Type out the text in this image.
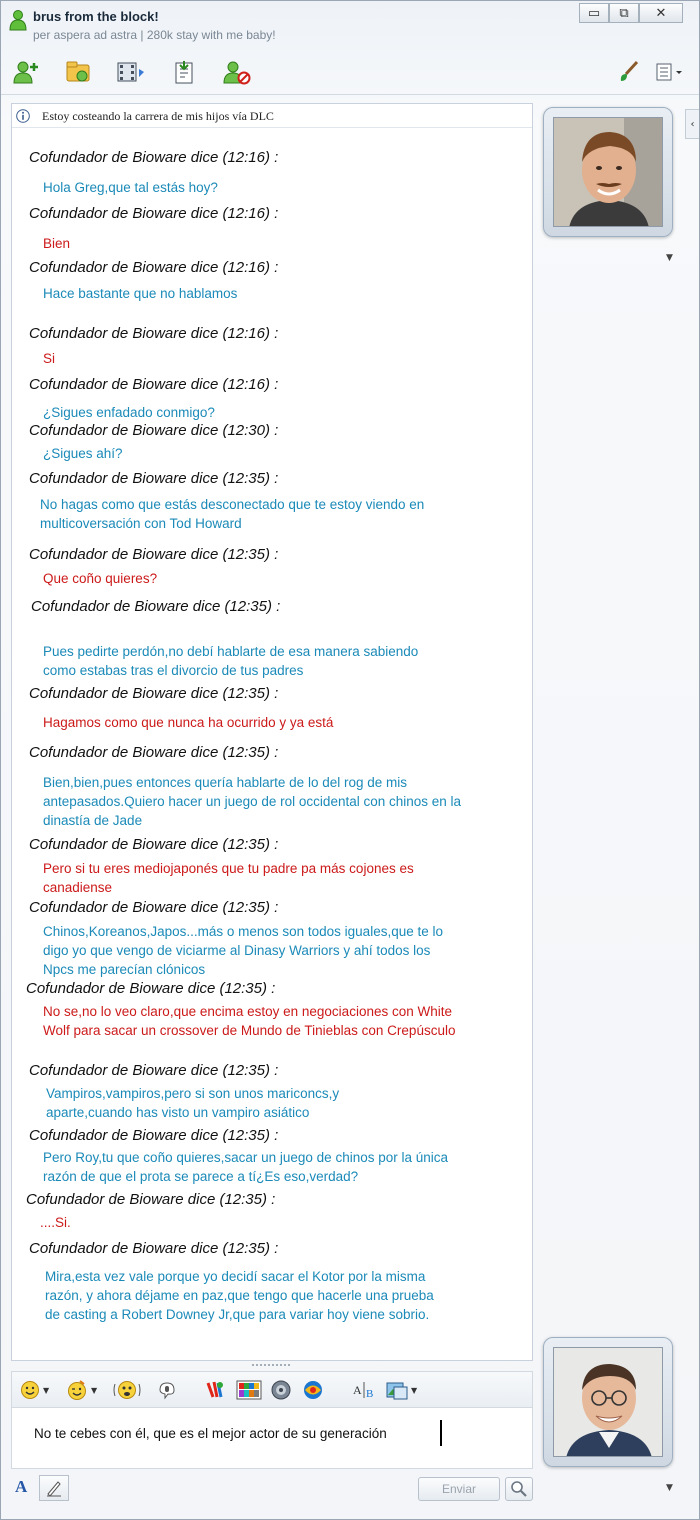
brus from the block!
per aspera ad astra | 280k stay with me baby!
▭	⧉	✕
‹
Cofundador de Bioware dice (12:16) :
Hola Greg,que tal estás hoy?
Cofundador de Bioware dice (12:16) :
Bien
Cofundador de Bioware dice (12:16) :
Hace bastante que no hablamos
Cofundador de Bioware dice (12:16) :
Si
Cofundador de Bioware dice (12:16) :
¿Sigues enfadado conmigo?
Cofundador de Bioware dice (12:30) :
¿Sigues ahí?
Cofundador de Bioware dice (12:35) :
No hagas como que estás desconectado que te estoy viendo en multicoversación con Tod Howard
Cofundador de Bioware dice (12:35) :
Que coño quieres?
Cofundador de Bioware dice (12:35) :
Pues pedirte perdón,no debí hablarte de esa manera sabiendo como estabas tras el divorcio de tus padres
Cofundador de Bioware dice (12:35) :
Hagamos como que nunca ha ocurrido y ya está
Cofundador de Bioware dice (12:35) :
Bien,bien,pues entonces quería hablarte de lo del rog de mis antepasados.Quiero hacer un juego de rol occidental con chinos en la dinastía de Jade
Cofundador de Bioware dice (12:35) :
Pero si tu eres mediojaponés que tu padre pa más cojones es canadiense
Cofundador de Bioware dice (12:35) :
Chinos,Koreanos,Japos...más o menos son todos iguales,que te lo digo yo que vengo de viciarme al Dinasy Warriors y ahí todos los Npcs me parecían clónicos
Cofundador de Bioware dice (12:35) :
No se,no lo veo claro,que encima estoy en negociaciones con White Wolf para sacar un crossover de Mundo de Tinieblas con Crepúsculo
Cofundador de Bioware dice (12:35) :
Vampiros,vampiros,pero si son unos mariconcs,y aparte,cuando has visto un vampiro asiático
Cofundador de Bioware dice (12:35) :
Pero Roy,tu que coño quieres,sacar un juego de chinos por la única razón de que el prota se parece a tí¿Es eso,verdad?
Cofundador de Bioware dice (12:35) :
....Si.
Cofundador de Bioware dice (12:35) :
Mira,esta vez vale porque yo decidí sacar el Kotor por la misma razón, y ahora déjame en paz,que tengo que hacerle una prueba de casting a Robert Downey Jr,que para variar hoy viene sobrio.
Estoy costeando la carrera de mis hijos vía DLC
▼
▼
▼	▼	A B	▼
No te cebes con él, que es el mejor actor de su generación
A	Enviar
